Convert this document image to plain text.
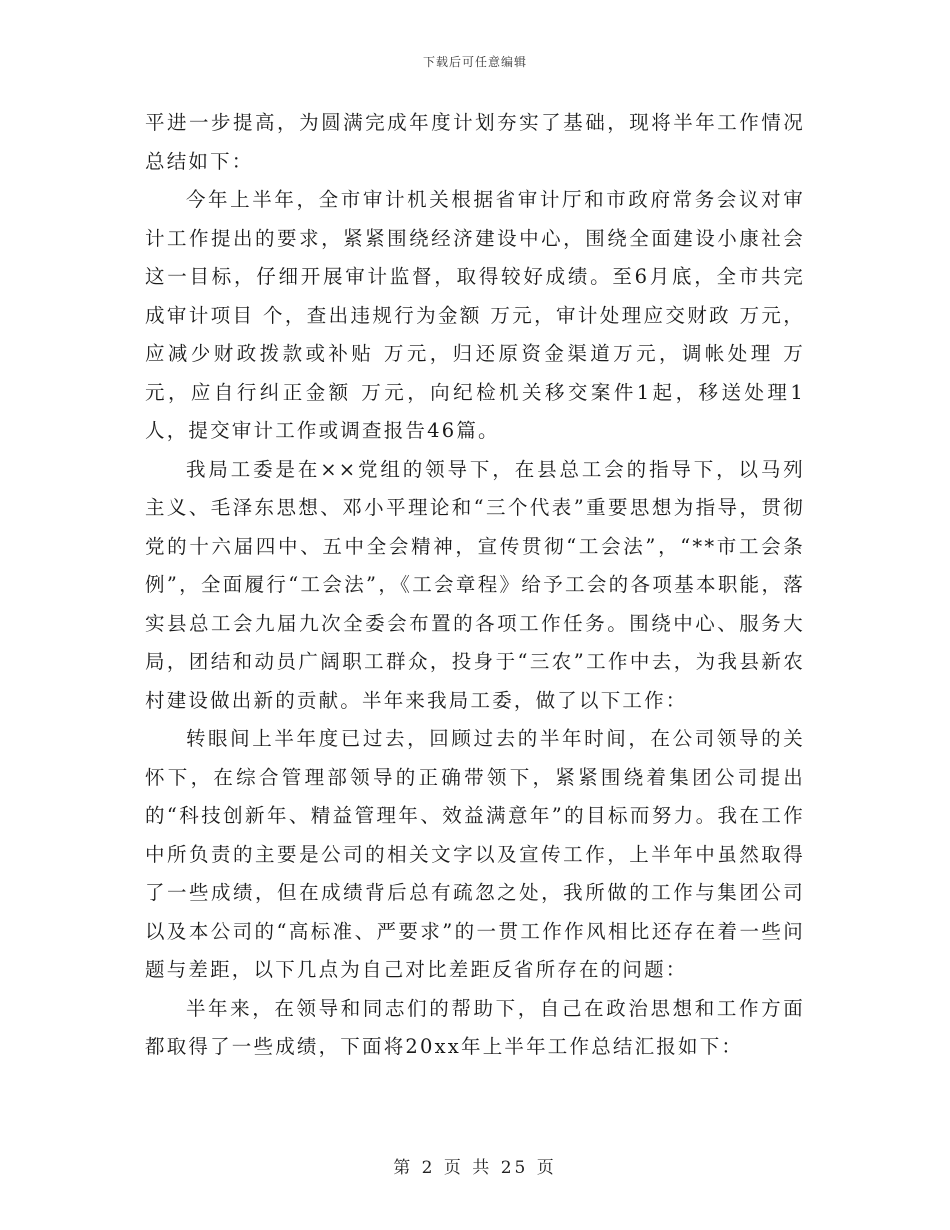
下载后可任意编辑

平进一步提高，为圆满完成年度计划夯实了基础，现将半年工作情况总结如下：

今年上半年，全市审计机关根据省审计厅和市政府常务会议对审计工作提出的要求，紧紧围绕经济建设中心，围绕全面建设小康社会这一目标，仔细开展审计监督，取得较好成绩。至6月底，全市共完成审计项目 个，查出违规行为金额 万元，审计处理应交财政 万元，应减少财政拨款或补贴 万元，归还原资金渠道万元，调帐处理 万元，应自行纠正金额 万元，向纪检机关移交案件1起，移送处理1人，提交审计工作或调查报告46篇。

我局工委是在××党组的领导下，在县总工会的指导下，以马列主义、毛泽东思想、邓小平理论和“三个代表”重要思想为指导，贯彻党的十六届四中、五中全会精神，宣传贯彻“工会法”，“**市工会条例”，全面履行“工会法”，《工会章程》给予工会的各项基本职能，落实县总工会九届九次全委会布置的各项工作任务。围绕中心、服务大局，团结和动员广阔职工群众，投身于“三农”工作中去，为我县新农村建设做出新的贡献。半年来我局工委，做了以下工作：

转眼间上半年度已过去，回顾过去的半年时间，在公司领导的关怀下，在综合管理部领导的正确带领下，紧紧围绕着集团公司提出的“科技创新年、精益管理年、效益满意年”的目标而努力。我在工作中所负责的主要是公司的相关文字以及宣传工作，上半年中虽然取得了一些成绩，但在成绩背后总有疏忽之处，我所做的工作与集团公司以及本公司的“高标准、严要求”的一贯工作作风相比还存在着一些问题与差距，以下几点为自己对比差距反省所存在的问题：

半年来，在领导和同志们的帮助下，自己在政治思想和工作方面都取得了一些成绩，下面将20xx年上半年工作总结汇报如下：

第 2 页 共 25 页
